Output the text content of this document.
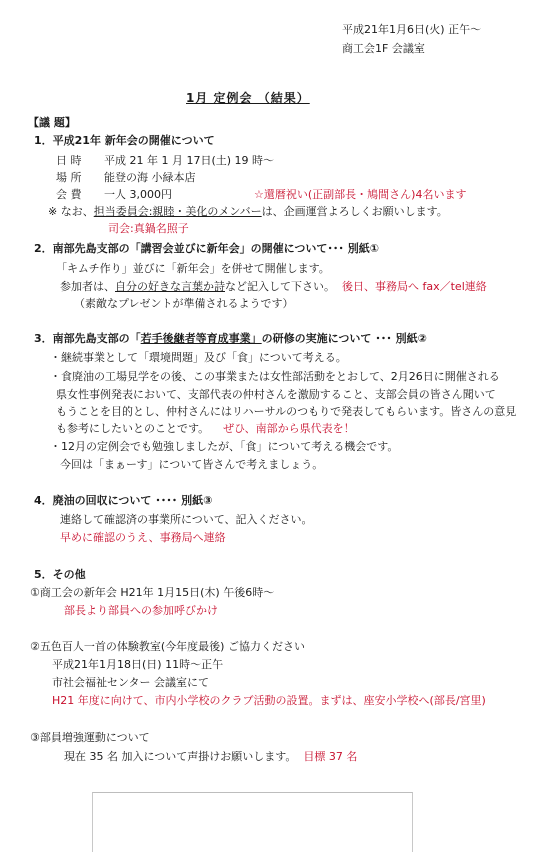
平成21年1月6日(火) 正午〜
商工会1F 会議室
1月 定例会 （結果）
【議 題】
1．平成21年 新年会の開催について
日 時 平成 21 年 1 月 17日(土) 19 時〜
場 所 能登の海 小緑本店
会 費 一人 3,000円	☆還暦祝い(正副部長・鳩間さん)4名います
※ なお、担当委員会:親睦・美化のメンバーは、企画運営よろしくお願いします。
司会:真鍋名照子
2．南部先島支部の「講習会並びに新年会」の開催について･･･ 別紙①
「キムチ作り」並びに「新年会」を併せて開催します。
参加者は、自分の好きな言葉か詩など記入して下さい。 後日、事務局へ fax／tel連絡
（素敵なプレゼントが準備されるようです）
3．南部先島支部の「若手後継者等育成事業」の研修の実施について ･･･ 別紙②
・継続事業として「環境問題」及び「食」について考える。
・食廃油の工場見学をの後、この事業または女性部活動をとおして、2月26日に開催される
県女性事例発表において、支部代表の仲村さんを激励すること、支部会員の皆さん聞いて
もうことを目的とし、仲村さんにはリハーサルのつもりで発表してもらいます。皆さんの意見
も参考にしたいとのことです。 ぜひ、南部から県代表を！
・12月の定例会でも勉強しましたが、「食」について考える機会です。
今回は「まぁーす」について皆さんで考えましょう。
4．廃油の回収について ････ 別紙③
連絡して確認済の事業所について、記入ください。
早めに確認のうえ、事務局へ連絡
5．その他
①商工会の新年会 H21年 1月15日(木) 午後6時〜
部長より部員への参加呼びかけ
②五色百人一首の体験教室(今年度最後) ご協力ください
平成21年1月18日(日) 11時〜正午
市社会福祉センター 会議室にて
H21 年度に向けて、市内小学校のクラブ活動の設置。まずは、座安小学校へ(部長/宮里)
③部員増強運動について
現在 35 名 加入について声掛けお願いします。 目標 37 名
